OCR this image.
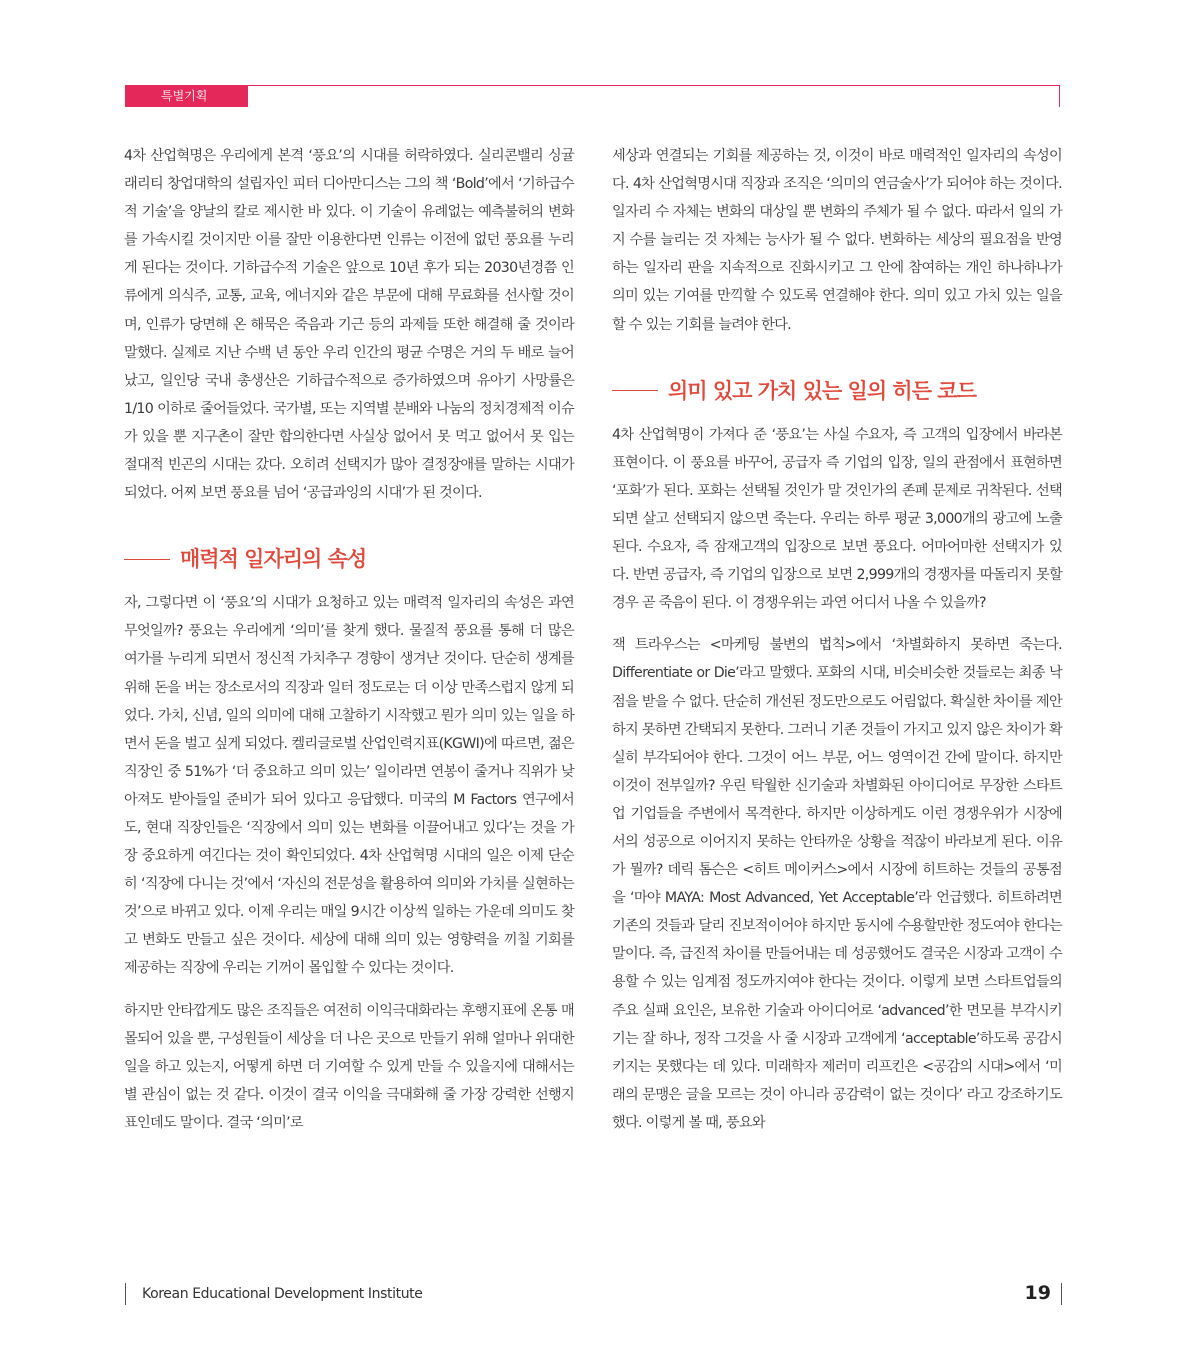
특별기획

4차 산업혁명은 우리에게 본격 ‘풍요’의 시대를 허락하였다. 실리콘밸리 싱귤래리티 창업대학의 설립자인 피터 디아만디스는 그의 책 ‘Bold’에서 ‘기하급수적 기술’을 양날의 칼로 제시한 바 있다. 이 기술이 유례없는 예측불허의 변화를 가속시킬 것이지만 이를 잘만 이용한다면 인류는 이전에 없던 풍요를 누리게 된다는 것이다. 기하급수적 기술은 앞으로 10년 후가 되는 2030년경쯤 인류에게 의식주, 교통, 교육, 에너지와 같은 부문에 대해 무료화를 선사할 것이며, 인류가 당면해 온 해묵은 죽음과 기근 등의 과제들 또한 해결해 줄 것이라 말했다. 실제로 지난 수백 년 동안 우리 인간의 평균 수명은 거의 두 배로 늘어났고, 일인당 국내 총생산은 기하급수적으로 증가하였으며 유아기 사망률은 1/10 이하로 줄어들었다. 국가별, 또는 지역별 분배와 나눔의 정치경제적 이슈가 있을 뿐 지구촌이 잘만 합의한다면 사실상 없어서 못 먹고 없어서 못 입는 절대적 빈곤의 시대는 갔다. 오히려 선택지가 많아 결정장애를 말하는 시대가 되었다. 어찌 보면 풍요를 넘어 ‘공급과잉의 시대’가 된 것이다.

매력적 일자리의 속성

자, 그렇다면 이 ‘풍요’의 시대가 요청하고 있는 매력적 일자리의 속성은 과연 무엇일까? 풍요는 우리에게 ‘의미’를 찾게 했다. 물질적 풍요를 통해 더 많은 여가를 누리게 되면서 정신적 가치추구 경향이 생겨난 것이다. 단순히 생계를 위해 돈을 버는 장소로서의 직장과 일터 정도로는 더 이상 만족스럽지 않게 되었다. 가치, 신념, 일의 의미에 대해 고찰하기 시작했고 뭔가 의미 있는 일을 하면서 돈을 벌고 싶게 되었다. 켈리글로벌 산업인력지표(KGWI)에 따르면, 젊은 직장인 중 51%가 ‘더 중요하고 의미 있는’ 일이라면 연봉이 줄거나 직위가 낮아져도 받아들일 준비가 되어 있다고 응답했다. 미국의 M Factors 연구에서도, 현대 직장인들은 ‘직장에서 의미 있는 변화를 이끌어내고 있다’는 것을 가장 중요하게 여긴다는 것이 확인되었다. 4차 산업혁명 시대의 일은 이제 단순히 ‘직장에 다니는 것’에서 ‘자신의 전문성을 활용하여 의미와 가치를 실현하는 것’으로 바뀌고 있다. 이제 우리는 매일 9시간 이상씩 일하는 가운데 의미도 찾고 변화도 만들고 싶은 것이다. 세상에 대해 의미 있는 영향력을 끼칠 기회를 제공하는 직장에 우리는 기꺼이 몰입할 수 있다는 것이다.

하지만 안타깝게도 많은 조직들은 여전히 이익극대화라는 후행지표에 온통 매몰되어 있을 뿐, 구성원들이 세상을 더 나은 곳으로 만들기 위해 얼마나 위대한 일을 하고 있는지, 어떻게 하면 더 기여할 수 있게 만들 수 있을지에 대해서는 별 관심이 없는 것 같다. 이것이 결국 이익을 극대화해 줄 가장 강력한 선행지표인데도 말이다. 결국 ‘의미’로

세상과 연결되는 기회를 제공하는 것, 이것이 바로 매력적인 일자리의 속성이다. 4차 산업혁명시대 직장과 조직은 ‘의미의 연금술사’가 되어야 하는 것이다. 일자리 수 자체는 변화의 대상일 뿐 변화의 주체가 될 수 없다. 따라서 일의 가지 수를 늘리는 것 자체는 능사가 될 수 없다. 변화하는 세상의 필요점을 반영하는 일자리 판을 지속적으로 진화시키고 그 안에 참여하는 개인 하나하나가 의미 있는 기여를 만끽할 수 있도록 연결해야 한다. 의미 있고 가치 있는 일을 할 수 있는 기회를 늘려야 한다.

의미 있고 가치 있는 일의 히든 코드

4차 산업혁명이 가져다 준 ‘풍요’는 사실 수요자, 즉 고객의 입장에서 바라본 표현이다. 이 풍요를 바꾸어, 공급자 즉 기업의 입장, 일의 관점에서 표현하면 ‘포화’가 된다. 포화는 선택될 것인가 말 것인가의 존폐 문제로 귀착된다. 선택되면 살고 선택되지 않으면 죽는다. 우리는 하루 평균 3,000개의 광고에 노출된다. 수요자, 즉 잠재고객의 입장으로 보면 풍요다. 어마어마한 선택지가 있다. 반면 공급자, 즉 기업의 입장으로 보면 2,999개의 경쟁자를 따돌리지 못할 경우 곧 죽음이 된다. 이 경쟁우위는 과연 어디서 나올 수 있을까?

잭 트라우스는 <마케팅 불변의 법칙>에서 ‘차별화하지 못하면 죽는다. Differentiate or Die’라고 말했다. 포화의 시대, 비슷비슷한 것들로는 최종 낙점을 받을 수 없다. 단순히 개선된 정도만으로도 어림없다. 확실한 차이를 제안하지 못하면 간택되지 못한다. 그러니 기존 것들이 가지고 있지 않은 차이가 확실히 부각되어야 한다. 그것이 어느 부문, 어느 영역이건 간에 말이다. 하지만 이것이 전부일까? 우린 탁월한 신기술과 차별화된 아이디어로 무장한 스타트업 기업들을 주변에서 목격한다. 하지만 이상하게도 이런 경쟁우위가 시장에서의 성공으로 이어지지 못하는 안타까운 상황을 적잖이 바라보게 된다. 이유가 뭘까? 데릭 톰슨은 <히트 메이커스>에서 시장에 히트하는 것들의 공통점을 ‘마야 MAYA: Most Advanced, Yet Acceptable’라 언급했다. 히트하려면 기존의 것들과 달리 진보적이어야 하지만 동시에 수용할만한 정도여야 한다는 말이다. 즉, 급진적 차이를 만들어내는 데 성공했어도 결국은 시장과 고객이 수용할 수 있는 임계점 정도까지여야 한다는 것이다. 이렇게 보면 스타트업들의 주요 실패 요인은, 보유한 기술과 아이디어로 ‘advanced’한 면모를 부각시키기는 잘 하나, 정작 그것을 사 줄 시장과 고객에게 ‘acceptable’하도록 공감시키지는 못했다는 데 있다. 미래학자 제러미 리프킨은 <공감의 시대>에서 ‘미래의 문맹은 글을 모르는 것이 아니라 공감력이 없는 것이다’ 라고 강조하기도 했다. 이렇게 볼 때, 풍요와

Korean Educational Development Institute	19
